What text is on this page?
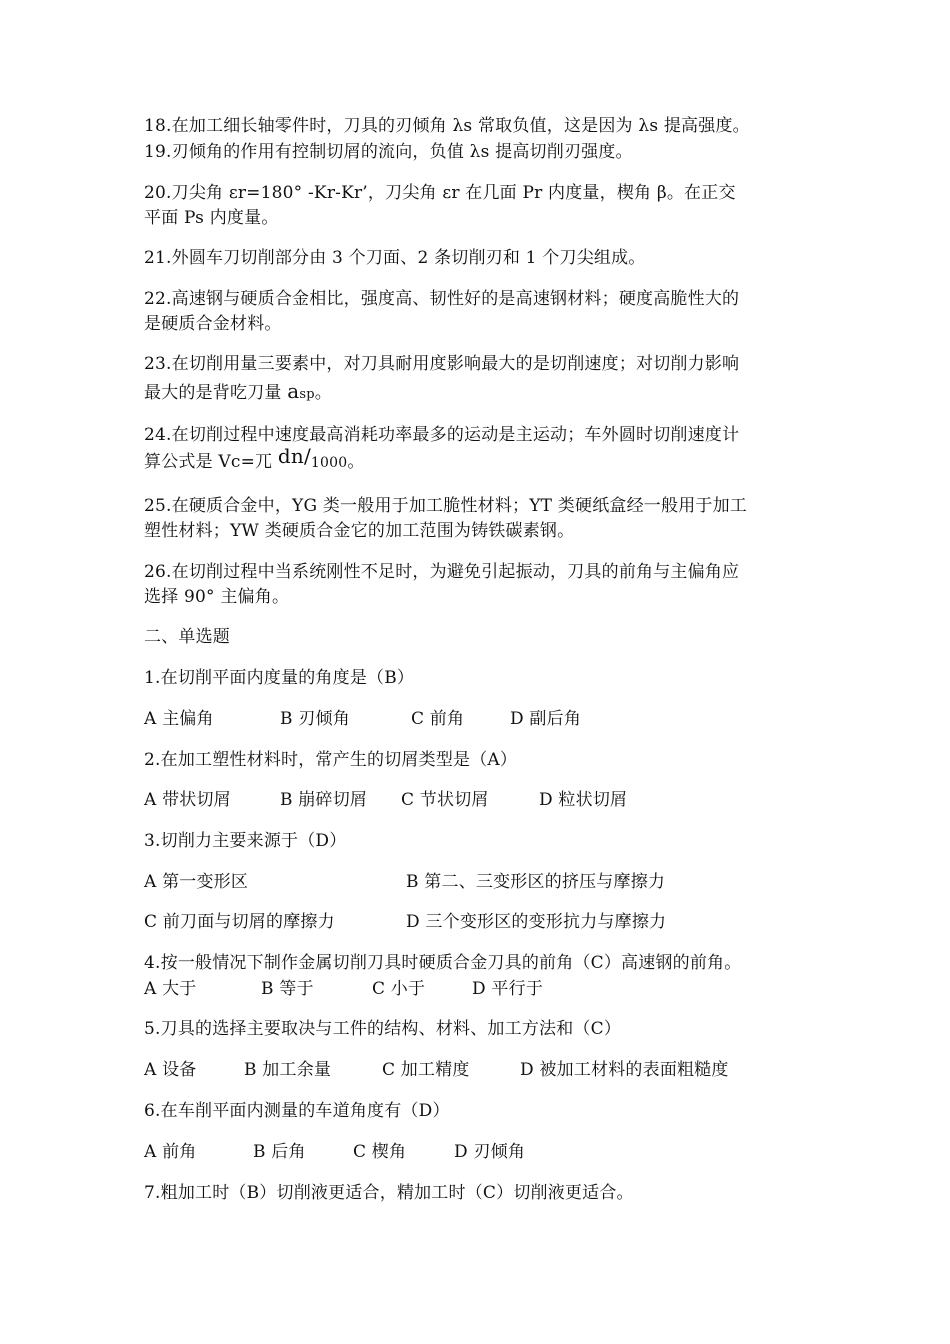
18.在加工细长轴零件时，刀具的刃倾角 λs 常取负值，这是因为 λs 提高强度。
19.刃倾角的作用有控制切屑的流向，负值 λs 提高切削刃强度。
20.刀尖角 εr=180° -Kr-Kr’，刀尖角 εr 在几面 Pr 内度量，楔角 β。在正交
平面 Ps 内度量。
21.外圆车刀切削部分由 3 个刀面、2 条切削刃和 1 个刀尖组成。
22.高速钢与硬质合金相比，强度高、韧性好的是高速钢材料；硬度高脆性大的
是硬质合金材料。
23.在切削用量三要素中，对刀具耐用度影响最大的是切削速度；对切削力影响
最大的是背吃刀量 asp。
24.在切削过程中速度最高消耗功率最多的运动是主运动；车外圆时切削速度计
算公式是 Vc=兀 dn/1000。
25.在硬质合金中，YG 类一般用于加工脆性材料；YT 类硬纸盒经一般用于加工
塑性材料；YW 类硬质合金它的加工范围为铸铁碳素钢。
26.在切削过程中当系统刚性不足时，为避免引起振动，刀具的前角与主偏角应
选择 90° 主偏角。
二、单选题
1.在切削平面内度量的角度是（B）
A 主偏角	B 刃倾角	C 前角	D 副后角
2.在加工塑性材料时，常产生的切屑类型是（A）
A 带状切屑	B 崩碎切屑 C 节状切屑	D 粒状切屑
3.切削力主要来源于（D）
A 第一变形区	B 第二、三变形区的挤压与摩擦力
C 前刀面与切屑的摩擦力	D 三个变形区的变形抗力与摩擦力
4.按一般情况下制作金属切削刀具时硬质合金刀具的前角（C）高速钢的前角。
A 大于	B 等于	C 小于	D 平行于
5.刀具的选择主要取决与工件的结构、材料、加工方法和（C）
A 设备	B 加工余量	C 加工精度	D 被加工材料的表面粗糙度
6.在车削平面内测量的车道角度有（D）
A 前角	B 后角	C 楔角	D 刃倾角
7.粗加工时（B）切削液更适合，精加工时（C）切削液更适合。
